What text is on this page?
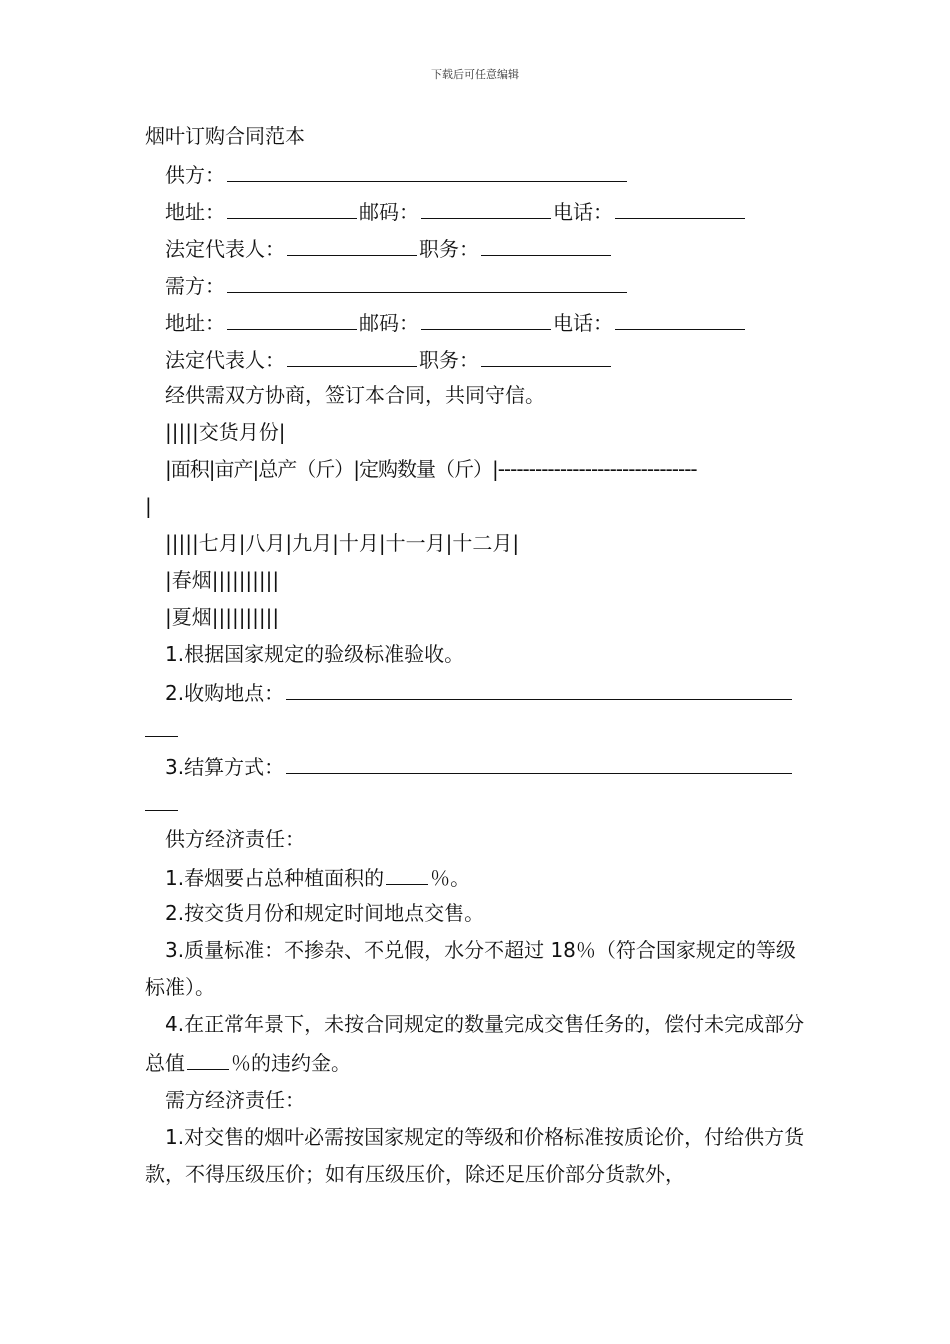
下载后可任意编辑
烟叶订购合同范本
供方：
地址：	邮码：	电话：
法定代表人：	职务：
需方：
地址：	邮码：	电话：
法定代表人：	职务：
经供需双方协商，签订本合同，共同守信。
|||||交货月份|
|面积|亩产|总产（斤）|定购数量（斤）|--------------------------------
|
|||||七月|八月|九月|十月|十一月|十二月|
|春烟||||||||||
|夏烟||||||||||
1.根据国家规定的验级标准验收。
2.收购地点：
3.结算方式：
供方经济责任：
1.春烟要占总种植面积的 ％。
2.按交货月份和规定时间地点交售。
3.质量标准：不掺杂、不兑假，水分不超过 18％（符合国家规定的等级标准）。
4.在正常年景下，未按合同规定的数量完成交售任务的，偿付未完成部分总值 ％的违约金。
需方经济责任：
1.对交售的烟叶必需按国家规定的等级和价格标准按质论价，付给供方货款，不得压级压价；如有压级压价，除还足压价部分货款外，
